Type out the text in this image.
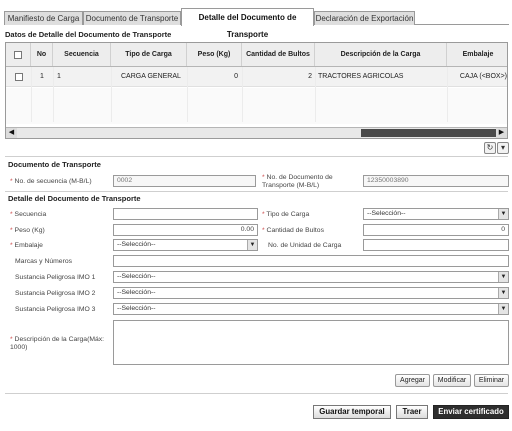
Manifiesto de Carga Documento de Transporte	Detalle del Documento de Transporte
Declaración de Exportación
Datos de Detalle del Documento de Transporte
No	Secuencia	Tipo de Carga	Peso (Kg)	Cantidad de Bultos	Descripción de la Carga	Embalaje
1	1	CARGA GENERAL	0	2 TRACTORES AGRICOLAS	CAJA (<BOX>)
◀	▶
↻ ▾
Documento de Transporte
* No. de secuencia (M-B/L)	0002	* No. de Documento de Transporte (M-B/L)
12350003890
Detalle del Documento de Transporte
* Secuencia	* Tipo de Carga	--Selección--	▼
* Peso (Kg)	0.00	* Cantidad de Bultos	0
* Embalaje	--Selección--	▼ No. de Unidad de Carga
Marcas y Números
Sustancia Peligrosa IMO 1	--Selección--	▼
Sustancia Peligrosa IMO 2	--Selección--	▼
Sustancia Peligrosa IMO 3	--Selección--	▼
* Descripción de la Carga(Máx: 1000)
Agregar	Modificar	Eliminar
Guardar temporal	Traer	Enviar certificado
